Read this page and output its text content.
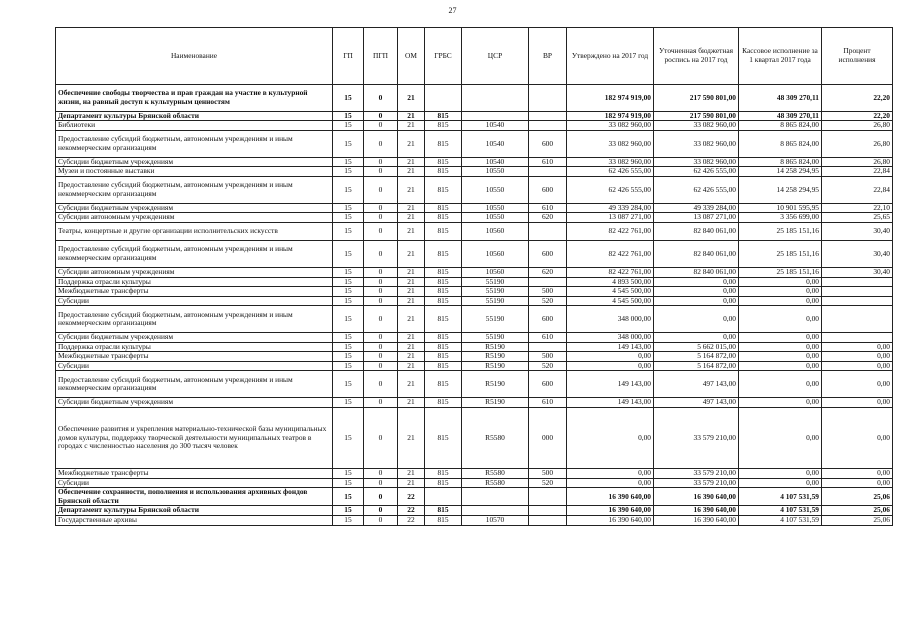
27
Наименование	ГП	ПГП	ОМ	ГРБС	ЦСР	ВР	Утверждено на 2017 год	Уточненная бюджетная роспись на 2017 год	Кассовое исполнение за 1 квартал 2017 года	Процент исполнения
Обеспечение свободы творчества и прав граждан на участие в культурной жизни, на равный доступ к культурным ценностям	15	0	21				182 974 919,00	217 590 801,00	48 309 270,11	22,20
Департамент культуры Брянской области	15	0	21	815			182 974 919,00	217 590 801,00	48 309 270,11	22,20
Библиотеки	15	0	21	815	10540		33 082 960,00	33 082 960,00	8 865 824,00	26,80
Предоставление субсидий бюджетным, автономным учреждениям и иным некоммерческим организациям	15	0	21	815	10540	600	33 082 960,00	33 082 960,00	8 865 824,00	26,80
Субсидии бюджетным учреждениям	15	0	21	815	10540	610	33 082 960,00	33 082 960,00	8 865 824,00	26,80
Музеи и постоянные выставки	15	0	21	815	10550		62 426 555,00	62 426 555,00	14 258 294,95	22,84
Предоставление субсидий бюджетным, автономным учреждениям и иным некоммерческим организациям	15	0	21	815	10550	600	62 426 555,00	62 426 555,00	14 258 294,95	22,84
Субсидии бюджетным учреждениям	15	0	21	815	10550	610	49 339 284,00	49 339 284,00	10 901 595,95	22,10
Субсидии автономным учреждениям	15	0	21	815	10550	620	13 087 271,00	13 087 271,00	3 356 699,00	25,65
Театры, концертные и другие организации исполнительских искусств	15	0	21	815	10560		82 422 761,00	82 840 061,00	25 185 151,16	30,40
Предоставление субсидий бюджетным, автономным учреждениям и иным некоммерческим организациям	15	0	21	815	10560	600	82 422 761,00	82 840 061,00	25 185 151,16	30,40
Субсидии автономным учреждениям	15	0	21	815	10560	620	82 422 761,00	82 840 061,00	25 185 151,16	30,40
Поддержка отрасли культуры	15	0	21	815	55190		4 893 500,00	0,00	0,00	
Межбюджетные трансферты	15	0	21	815	55190	500	4 545 500,00	0,00	0,00	
Субсидии	15	0	21	815	55190	520	4 545 500,00	0,00	0,00	
Предоставление субсидий бюджетным, автономным учреждениям и иным некоммерческим организациям	15	0	21	815	55190	600	348 000,00	0,00	0,00	
Субсидии бюджетным учреждениям	15	0	21	815	55190	610	348 000,00	0,00	0,00	
Поддержка отрасли культуры	15	0	21	815	R5190		149 143,00	5 662 015,00	0,00	0,00
Межбюджетные трансферты	15	0	21	815	R5190	500	0,00	5 164 872,00	0,00	0,00
Субсидии	15	0	21	815	R5190	520	0,00	5 164 872,00	0,00	0,00
Предоставление субсидий бюджетным, автономным учреждениям и иным некоммерческим организациям	15	0	21	815	R5190	600	149 143,00	497 143,00	0,00	0,00
Субсидии бюджетным учреждениям	15	0	21	815	R5190	610	149 143,00	497 143,00	0,00	0,00
Обеспечение развития и укрепления материально-технической базы муниципальных домов культуры, поддержку творческой деятельности муниципальных театров в городах с численностью населения до 300 тысяч человек	15	0	21	815	R5580	000	0,00	33 579 210,00	0,00	0,00
Межбюджетные трансферты	15	0	21	815	R5580	500	0,00	33 579 210,00	0,00	0,00
Субсидии	15	0	21	815	R5580	520	0,00	33 579 210,00	0,00	0,00
Обеспечение сохранности, пополнения и использования архивных фондов Брянской области	15	0	22				16 390 640,00	16 390 640,00	4 107 531,59	25,06
Департамент культуры Брянской области	15	0	22	815			16 390 640,00	16 390 640,00	4 107 531,59	25,06
Государственные архивы	15	0	22	815	10570		16 390 640,00	16 390 640,00	4 107 531,59	25,06
